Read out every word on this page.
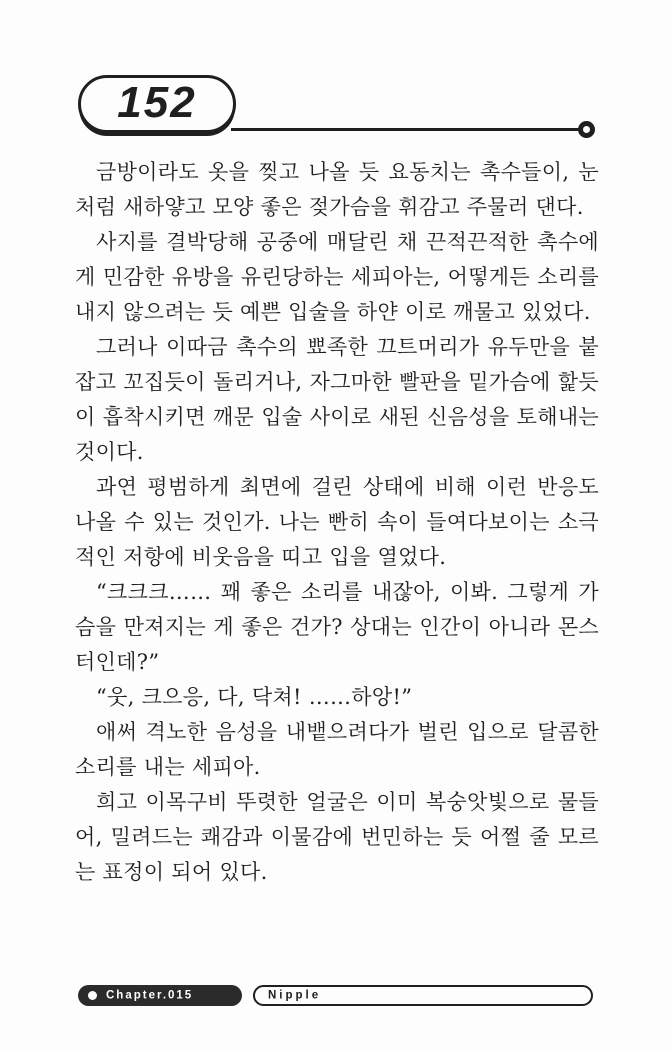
152

금방이라도 옷을 찢고 나올 듯 요동치는 촉수들이, 눈처럼 새하얗고 모양 좋은 젖가슴을 휘감고 주물러 댄다.

사지를 결박당해 공중에 매달린 채 끈적끈적한 촉수에게 민감한 유방을 유린당하는 세피아는, 어떻게든 소리를 내지 않으려는 듯 예쁜 입술을 하얀 이로 깨물고 있었다.

그러나 이따금 촉수의 뾰족한 끄트머리가 유두만을 붙잡고 꼬집듯이 돌리거나, 자그마한 빨판을 밑가슴에 핥듯이 흡착시키면 깨문 입술 사이로 새된 신음성을 토해내는 것이다.

과연 평범하게 최면에 걸린 상태에 비해 이런 반응도 나올 수 있는 것인가. 나는 빤히 속이 들여다보이는 소극적인 저항에 비웃음을 띠고 입을 열었다.

“크크크…… 꽤 좋은 소리를 내잖아, 이봐. 그렇게 가슴을 만져지는 게 좋은 건가? 상대는 인간이 아니라 몬스터인데?”

“웃, 크으응, 다, 닥쳐! ……하앙!”

애써 격노한 음성을 내뱉으려다가 벌린 입으로 달콤한 소리를 내는 세피아.

희고 이목구비 뚜렷한 얼굴은 이미 복숭앗빛으로 물들어, 밀려드는 쾌감과 이물감에 번민하는 듯 어쩔 줄 모르는 표정이 되어 있다.

Chapter.015	Nipple
